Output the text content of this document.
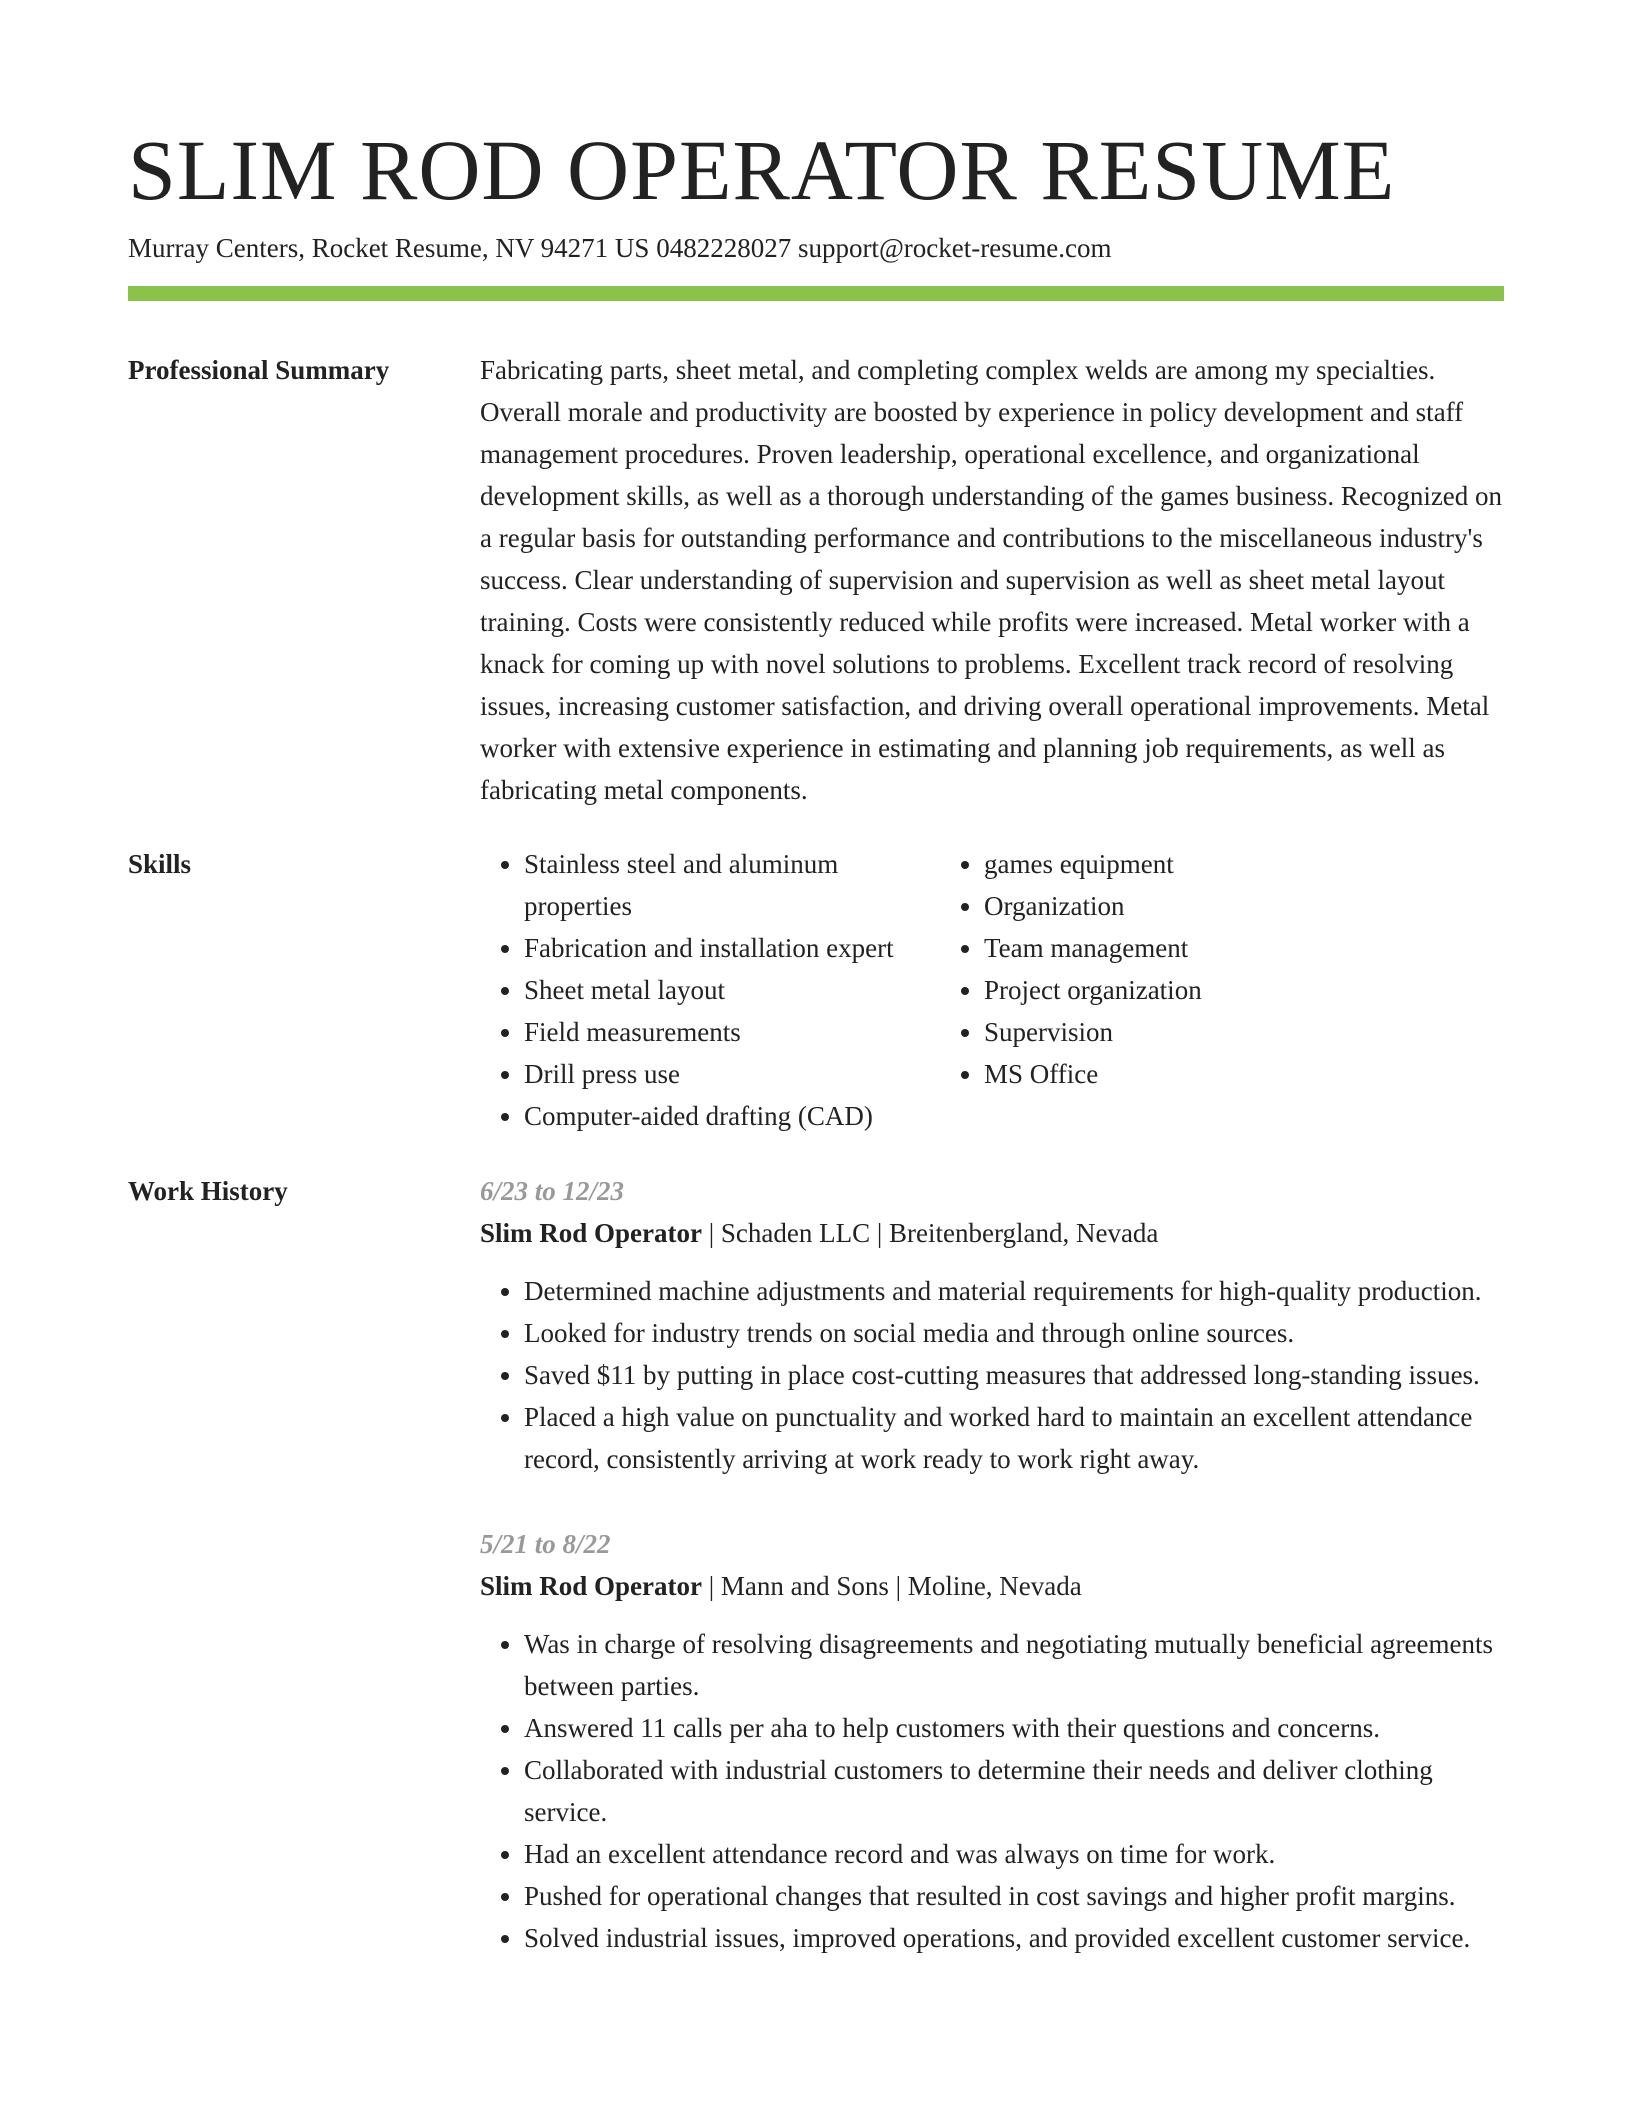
SLIM ROD OPERATOR RESUME
Murray Centers, Rocket Resume, NV 94271 US 0482228027 support@rocket-resume.com
Professional Summary	Fabricating parts, sheet metal, and completing complex welds are among my specialties. Overall morale and productivity are boosted by experience in policy development and staff management procedures. Proven leadership, operational excellence, and organizational development skills, as well as a thorough understanding of the games business. Recognized on a regular basis for outstanding performance and contributions to the miscellaneous industry's success. Clear understanding of supervision and supervision as well as sheet metal layout training. Costs were consistently reduced while profits were increased. Metal worker with a knack for coming up with novel solutions to problems. Excellent track record of resolving issues, increasing customer satisfaction, and driving overall operational improvements. Metal worker with extensive experience in estimating and planning job requirements, as well as fabricating metal components.
Skills
•	Stainless steel and aluminum properties
• Fabrication and installation expert
• Sheet metal layout
• Field measurements
• Drill press use
• Computer-aided drafting (CAD)
• games equipment
• Organization
• Team management
• Project organization
• Supervision
• MS Office
Work History	6/23 to 12/23
Slim Rod Operator | Schaden LLC | Breitenbergland, Nevada
• Determined machine adjustments and material requirements for high-quality production.
• Looked for industry trends on social media and through online sources.
• Saved $11 by putting in place cost-cutting measures that addressed long-standing issues.
• Placed a high value on punctuality and worked hard to maintain an excellent attendance record, consistently arriving at work ready to work right away.
5/21 to 8/22
Slim Rod Operator | Mann and Sons | Moline, Nevada
• Was in charge of resolving disagreements and negotiating mutually beneficial agreements between parties.
• Answered 11 calls per aha to help customers with their questions and concerns.
• Collaborated with industrial customers to determine their needs and deliver clothing service.
• Had an excellent attendance record and was always on time for work.
• Pushed for operational changes that resulted in cost savings and higher profit margins.
• Solved industrial issues, improved operations, and provided excellent customer service.
